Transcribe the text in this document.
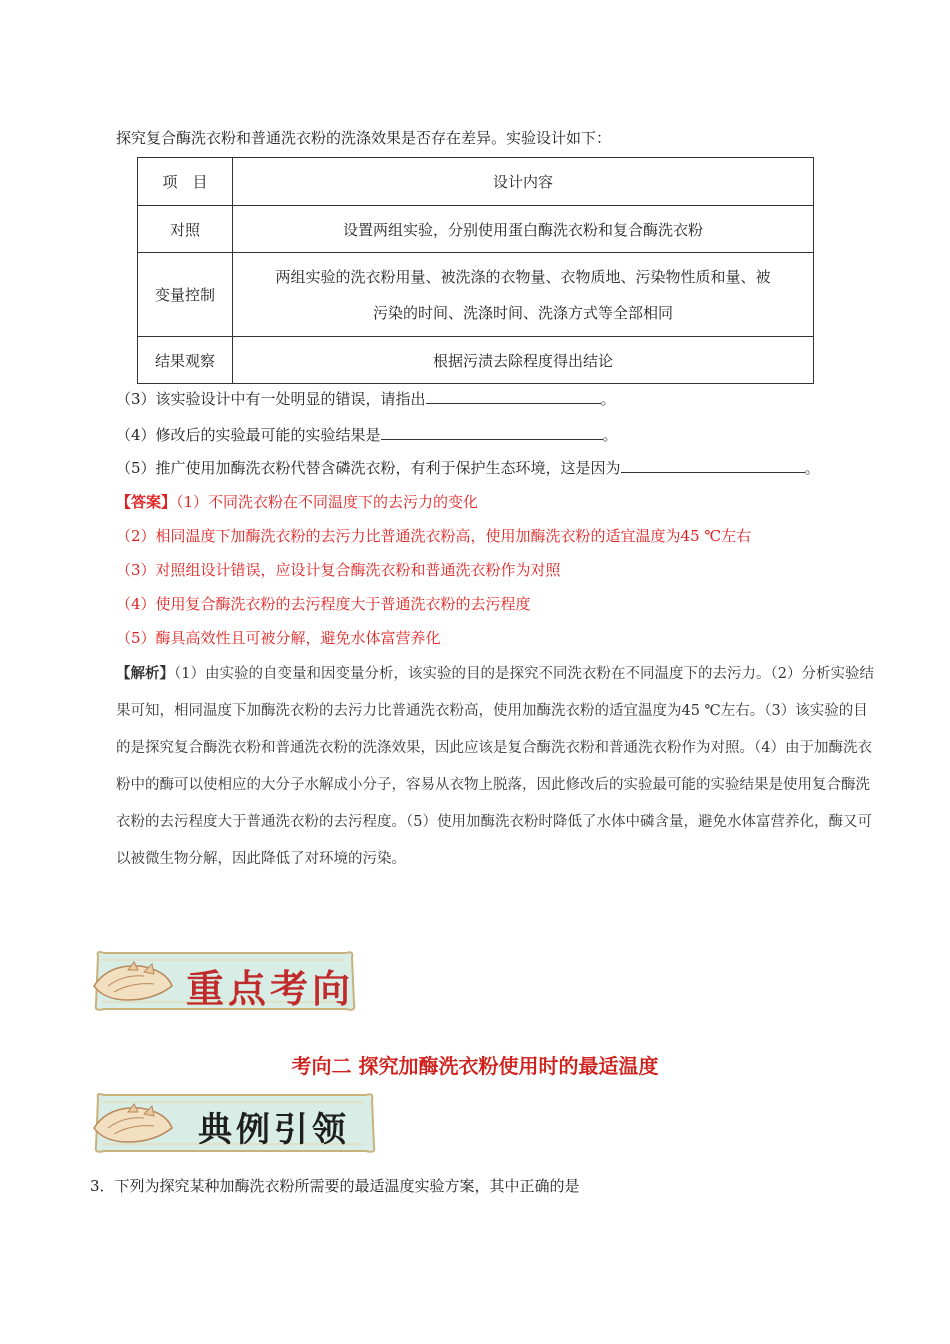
探究复合酶洗衣粉和普通洗衣粉的洗涤效果是否存在差异。实验设计如下：
项　目	设计内容
对照	设置两组实验，分别使用蛋白酶洗衣粉和复合酶洗衣粉
变量控制	两组实验的洗衣粉用量、被洗涤的衣物量、衣物质地、污染物性质和量、被
污染的时间、洗涤时间、洗涤方式等全部相同

结果观察	根据污渍去除程度得出结论
（3）该实验设计中有一处明显的错误，请指出	。
（4）修改后的实验最可能的实验结果是	。
（5）推广使用加酶洗衣粉代替含磷洗衣粉，有利于保护生态环境，这是因为	。
【答案】（1）不同洗衣粉在不同温度下的去污力的变化
（2）相同温度下加酶洗衣粉的去污力比普通洗衣粉高，使用加酶洗衣粉的适宜温度为45 ℃左右
（3）对照组设计错误，应设计复合酶洗衣粉和普通洗衣粉作为对照
（4）使用复合酶洗衣粉的去污程度大于普通洗衣粉的去污程度
（5）酶具高效性且可被分解，避免水体富营养化
【解析】（1）由实验的自变量和因变量分析，该实验的目的是探究不同洗衣粉在不同温度下的去污力。（2）分析实验结果可知，相同温度下加酶洗衣粉的去污力比普通洗衣粉高，使用加酶洗衣粉的适宜温度为45 ℃左右。（3）该实验的目的是探究复合酶洗衣粉和普通洗衣粉的洗涤效果，因此应该是复合酶洗衣粉和普通洗衣粉作为对照。（4）由于加酶洗衣粉中的酶可以使相应的大分子水解成小分子，容易从衣物上脱落，因此修改后的实验最可能的实验结果是使用复合酶洗衣粉的去污程度大于普通洗衣粉的去污程度。（5）使用加酶洗衣粉时降低了水体中磷含量，避免水体富营养化，酶又可以被微生物分解，因此降低了对环境的污染。
重点考向
考向二 探究加酶洗衣粉使用时的最适温度
典例引领
3．下列为探究某种加酶洗衣粉所需要的最适温度实验方案，其中正确的是
